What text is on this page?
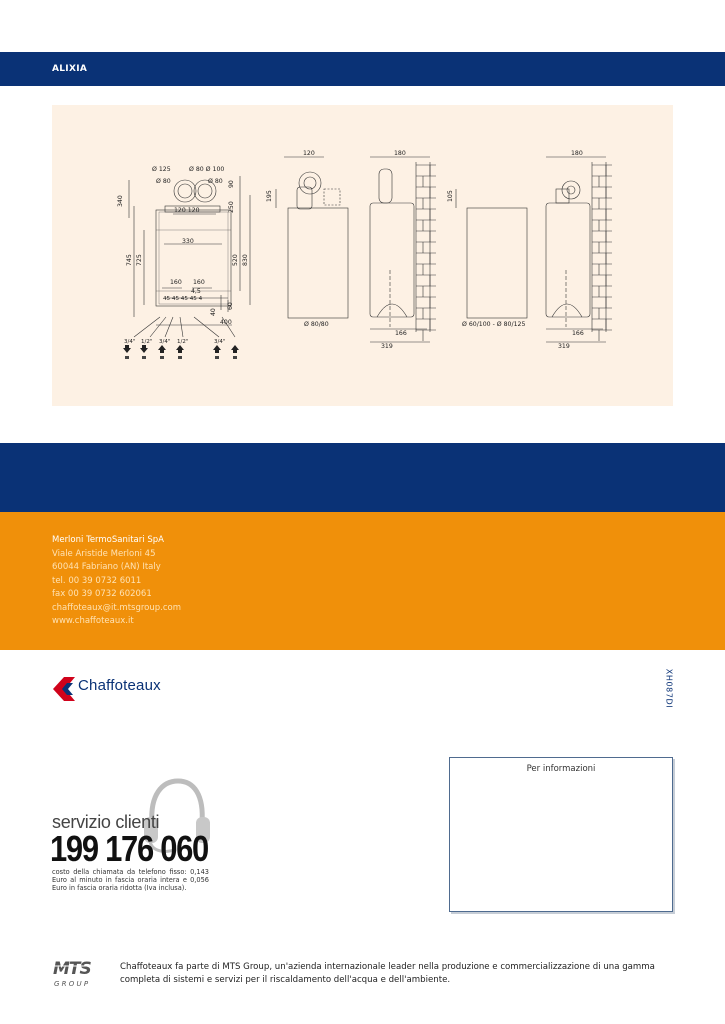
ALIXIA
Ø 125	Ø 80 Ø 100
Ø 80	Ø 80 90
340
120 120	250
330
745 725	520 830
160 160
4,5
45 45 45 45 4
40
60
400
3/4" 1/2" 3/4" 1/2"	3/4"
120
195
Ø 80/80
180
166
319
105
Ø 60/100 - Ø 80/125
180
166
319
Merloni TermoSanitari SpA
Viale Aristide Merloni 45
60044 Fabriano (AN) Italy
tel. 00 39 0732 6011
fax 00 39 0732 602061
chaffoteaux@it.mtsgroup.com
www.chaffoteaux.it
Chaffoteaux	XH087DI
Per informazioni
servizio clienti
199 176 060
costo della chiamata da telefono fisso: 0,143 Euro al minuto in fascia oraria intera e 0,056 Euro in fascia oraria ridotta (Iva inclusa).
MTS
G R O U P
Chaffoteaux fa parte di MTS Group, un'azienda internazionale leader nella produzione e commercializzazione di una gamma completa di sistemi e servizi per il riscaldamento dell'acqua e dell'ambiente.
